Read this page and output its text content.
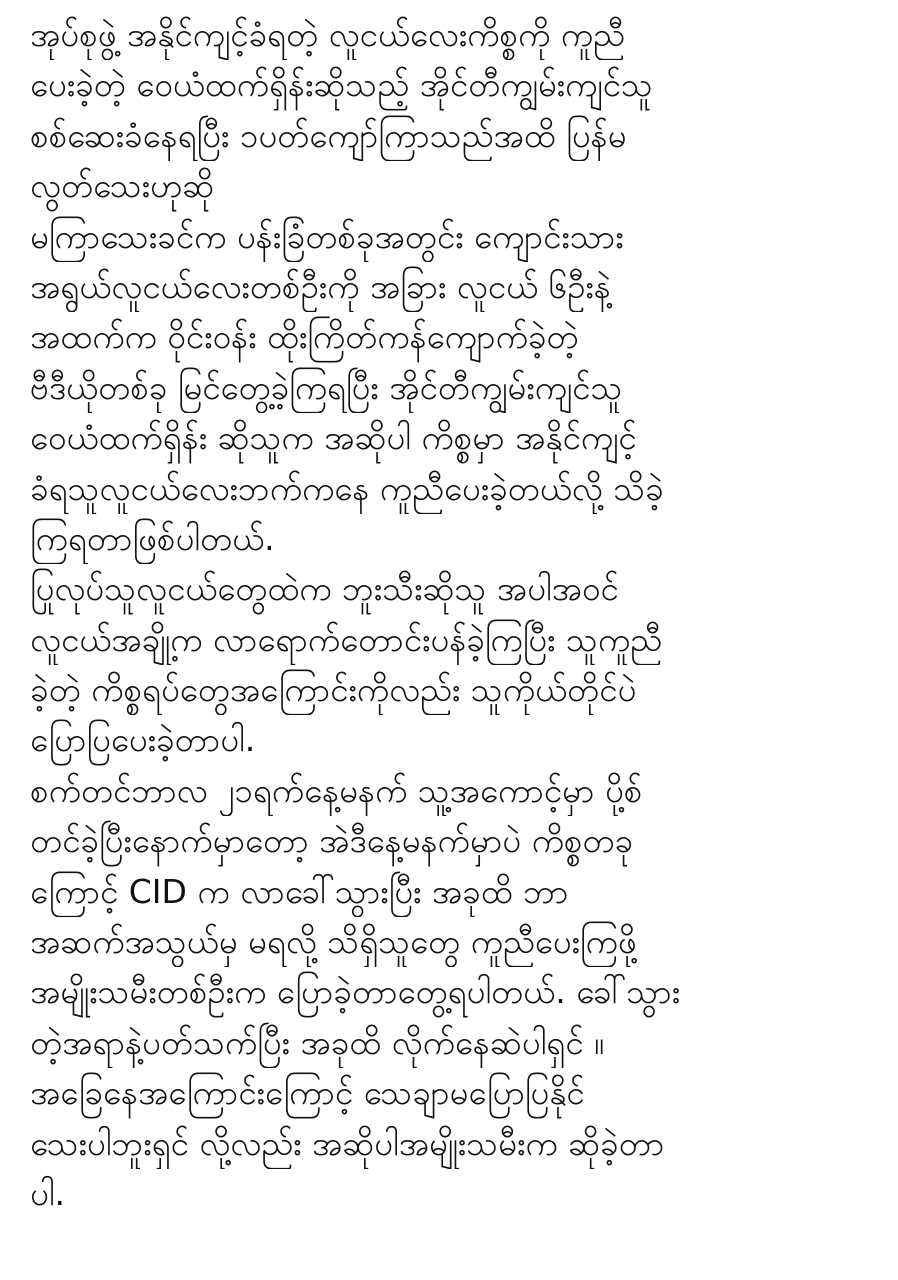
အုပ်စုဖွဲ့ အနိုင်ကျင့်ခံရတဲ့ လူငယ်လေးကိစ္စကို ကူညီ
ပေးခဲ့တဲ့ ဝေယံထက်ရှိန်းဆိုသည့် အိုင်တီကျွမ်းကျင်သူ
စစ်ဆေးခံနေရပြီး ၁ပတ်ကျော်ကြာသည်အထိ ပြန်မ
လွတ်သေးဟုဆို
မကြာသေးခင်က ပန်းခြံတစ်ခုအတွင်း ကျောင်းသား
အရွယ်လူငယ်လေးတစ်ဦးကို အခြား လူငယ် ၆ဦးနဲ့
အထက်က ဝိုင်းဝန်း ထိုးကြိတ်ကန်ကျောက်ခဲ့တဲ့
ဗီဒီယိုတစ်ခု မြင်တွေ့ခဲ့ကြရပြီး အိုင်တီကျွမ်းကျင်သူ
ဝေယံထက်ရှိန်း ဆိုသူက အဆိုပါ ကိစ္စမှာ အနိုင်ကျင့်
ခံရသူလူငယ်လေးဘက်ကနေ ကူညီပေးခဲ့တယ်လို့ သိခဲ့
ကြရတာဖြစ်ပါတယ်.
ပြုလုပ်သူလူငယ်တွေထဲက ဘူးသီးဆိုသူ အပါအဝင်
လူငယ်အချို့က လာရောက်တောင်းပန်ခဲ့ကြပြီး သူကူညီ
ခဲ့တဲ့ ကိစ္စရပ်တွေအကြောင်းကိုလည်း သူကိုယ်တိုင်ပဲ
ပြောပြပေးခဲ့တာပါ.
စက်တင်ဘာလ ၂၁ရက်နေ့မနက် သူ့အကောင့်မှာ ပို့စ်
တင်ခဲ့ပြီးနောက်မှာတော့ အဲဒီနေ့မနက်မှာပဲ ကိစ္စတခု
ကြောင့် CID က လာခေါ်သွားပြီး အခုထိ ဘာ
အဆက်အသွယ်မှ မရလို့ သိရှိသူတွေ ကူညီပေးကြဖို့
အမျိုးသမီးတစ်ဦးက ပြောခဲ့တာတွေ့ရပါတယ်. ခေါ်သွား
တဲ့အရာနဲ့ပတ်သက်ပြီး အခုထိ လိုက်နေဆဲပါရှင် ။
အခြေနေအကြောင်းကြောင့် သေချာမပြောပြနိုင်
သေးပါဘူးရှင် လို့လည်း အဆိုပါအမျိုးသမီးက ဆိုခဲ့တာ
ပါ.
